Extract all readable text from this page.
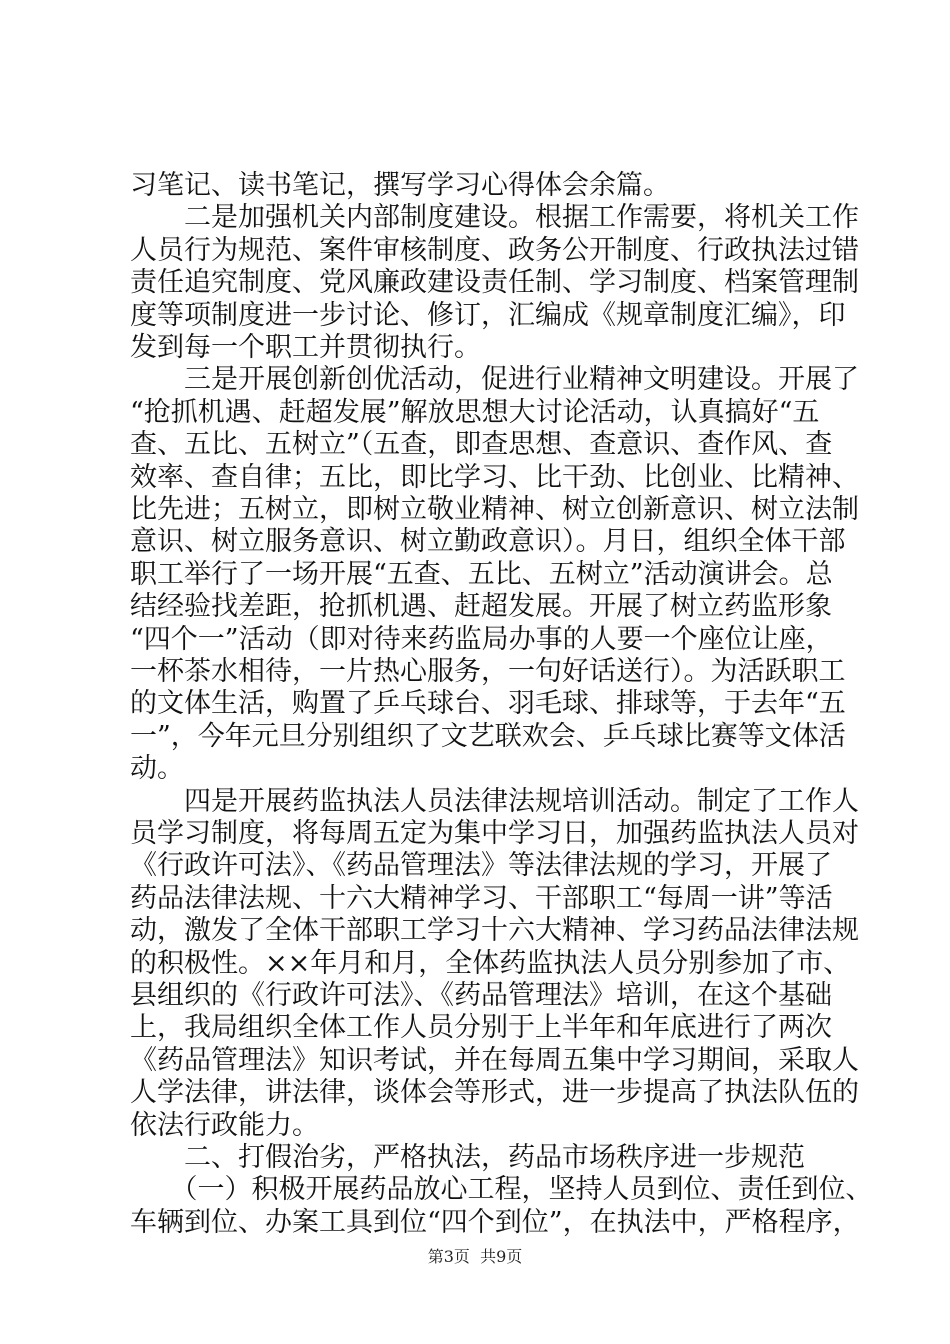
习笔记、读书笔记，撰写学习心得体会余篇。
　　二是加强机关内部制度建设。根据工作需要，将机关工作
人员行为规范、案件审核制度、政务公开制度、行政执法过错
责任追究制度、党风廉政建设责任制、学习制度、档案管理制
度等项制度进一步讨论、修订，汇编成《规章制度汇编》，印
发到每一个职工并贯彻执行。
　　三是开展创新创优活动，促进行业精神文明建设。开展了
“抢抓机遇、赶超发展”解放思想大讨论活动，认真搞好“五
查、五比、五树立”（五查，即查思想、查意识、查作风、查
效率、查自律；五比，即比学习、比干劲、比创业、比精神、
比先进；五树立，即树立敬业精神、树立创新意识、树立法制
意识、树立服务意识、树立勤政意识）。月日，组织全体干部
职工举行了一场开展“五查、五比、五树立”活动演讲会。总
结经验找差距，抢抓机遇、赶超发展。开展了树立药监形象
“四个一”活动（即对待来药监局办事的人要一个座位让座，
一杯茶水相待，一片热心服务，一句好话送行）。为活跃职工
的文体生活，购置了乒乓球台、羽毛球、排球等，于去年“五
一”，今年元旦分别组织了文艺联欢会、乒乓球比赛等文体活
动。
　　四是开展药监执法人员法律法规培训活动。制定了工作人
员学习制度，将每周五定为集中学习日，加强药监执法人员对
《行政许可法》、《药品管理法》等法律法规的学习，开展了
药品法律法规、十六大精神学习、干部职工“每周一讲”等活
动，激发了全体干部职工学习十六大精神、学习药品法律法规
的积极性。××年月和月，全体药监执法人员分别参加了市、
县组织的《行政许可法》、《药品管理法》培训，在这个基础
上，我局组织全体工作人员分别于上半年和年底进行了两次
《药品管理法》知识考试，并在每周五集中学习期间，采取人
人学法律，讲法律，谈体会等形式，进一步提高了执法队伍的
依法行政能力。
　　二、打假治劣，严格执法，药品市场秩序进一步规范
　　（一）积极开展药品放心工程，坚持人员到位、责任到位、
车辆到位、办案工具到位“四个到位”，在执法中，严格程序，
第3页  共9页
